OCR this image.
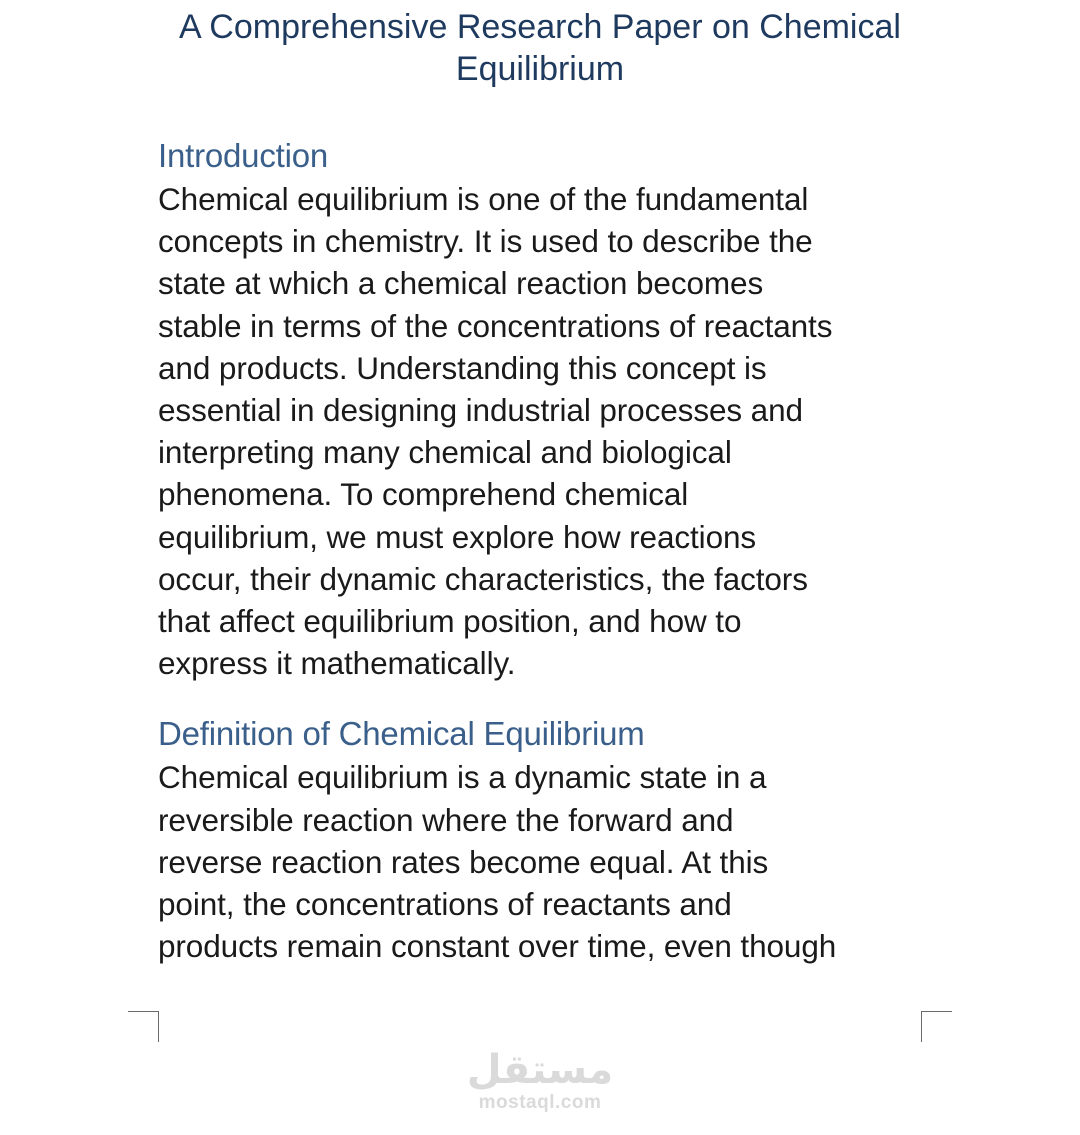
A Comprehensive Research Paper on Chemical
Equilibrium
Introduction

Chemical equilibrium is one of the fundamental
concepts in chemistry. It is used to describe the
state at which a chemical reaction becomes
stable in terms of the concentrations of reactants
and products. Understanding this concept is
essential in designing industrial processes and
interpreting many chemical and biological
phenomena. To comprehend chemical
equilibrium, we must explore how reactions
occur, their dynamic characteristics, the factors
that affect equilibrium position, and how to
express it mathematically.

Definition of Chemical Equilibrium

Chemical equilibrium is a dynamic state in a
reversible reaction where the forward and
reverse reaction rates become equal. At this
point, the concentrations of reactants and
products remain constant over time, even though

مستقل
mostaql.com
